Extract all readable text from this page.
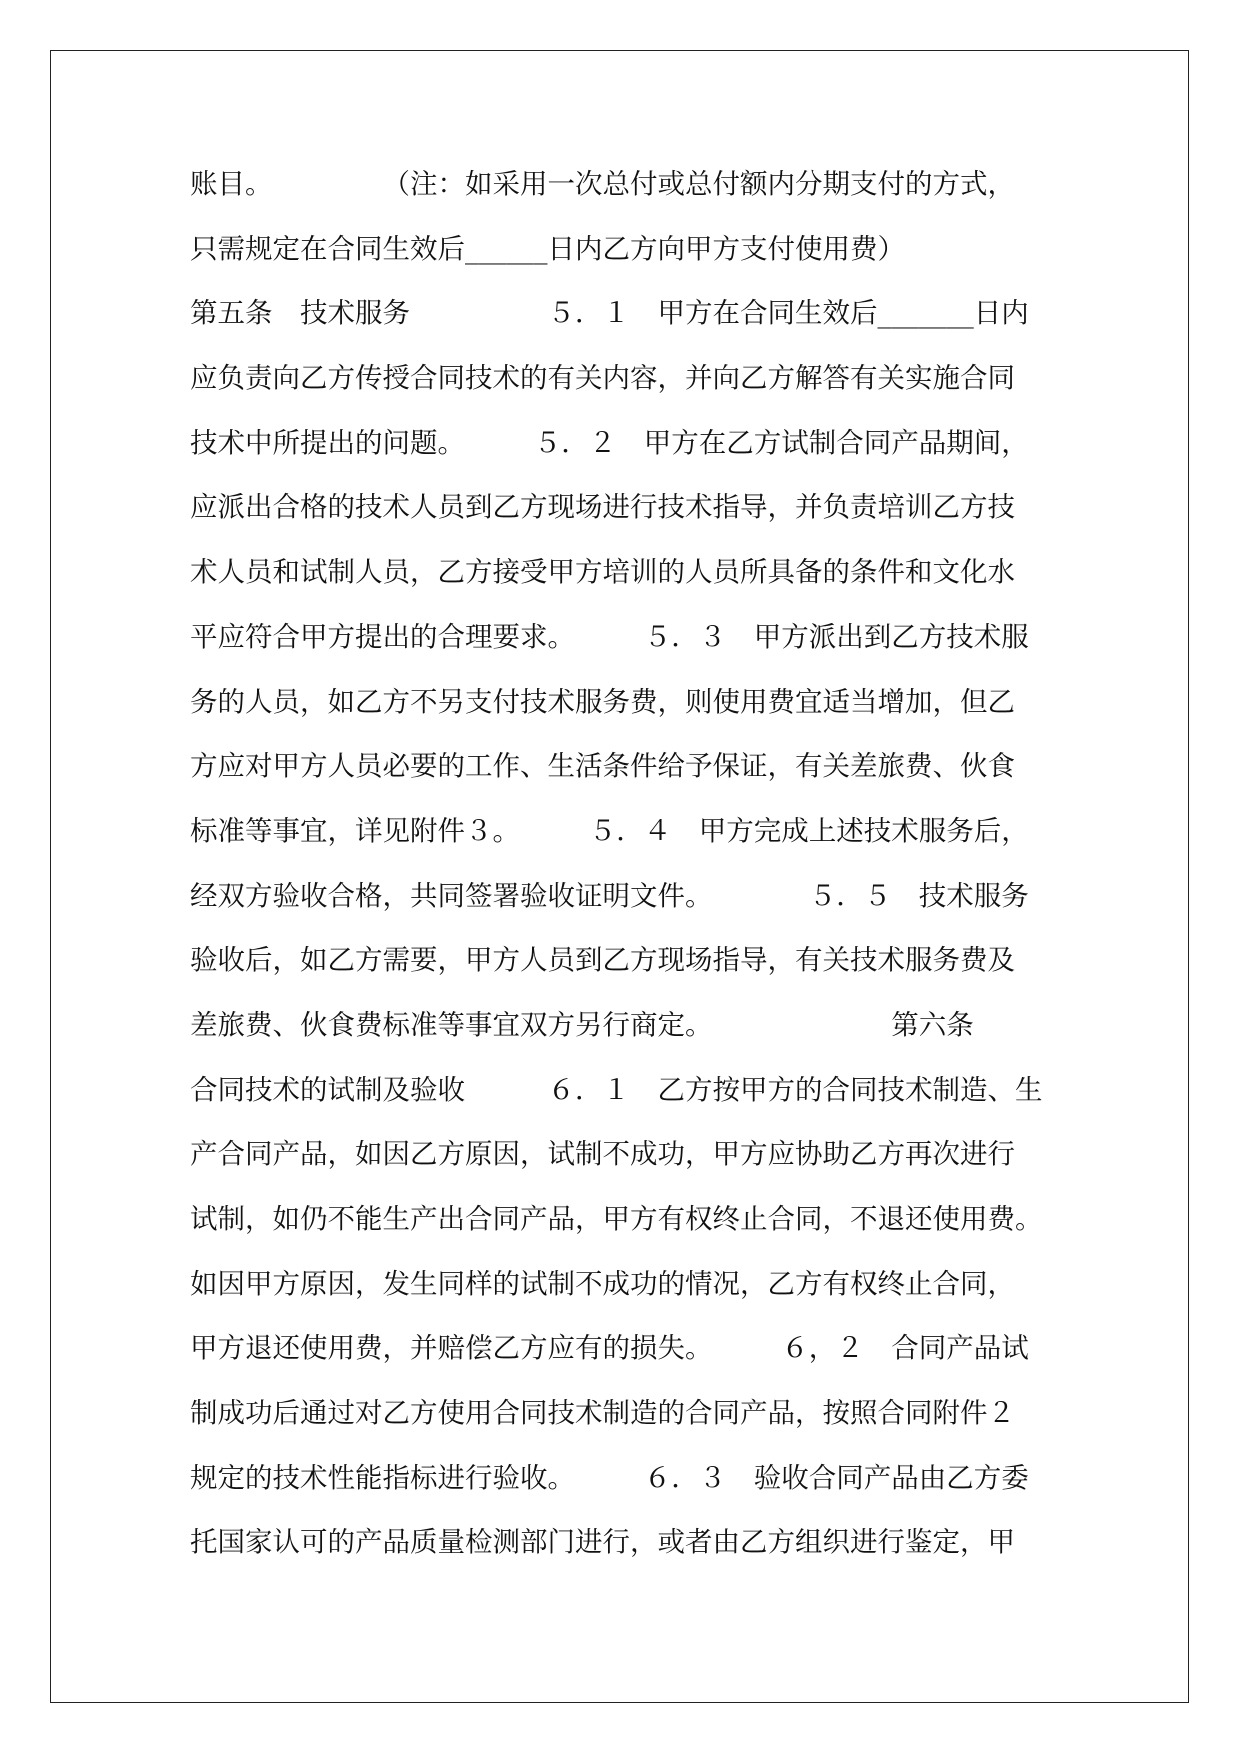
账目。　　　　　（注：如采用一次总付或总付额内分期支付的方式，
只需规定在合同生效后______日内乙方向甲方支付使用费）
第五条　技术服务　　　　　５．１　甲方在合同生效后_______日内
应负责向乙方传授合同技术的有关内容，并向乙方解答有关实施合同
技术中所提出的问题。　　　５．２　甲方在乙方试制合同产品期间，
应派出合格的技术人员到乙方现场进行技术指导，并负责培训乙方技
术人员和试制人员，乙方接受甲方培训的人员所具备的条件和文化水
平应符合甲方提出的合理要求。　　　５．３　甲方派出到乙方技术服
务的人员，如乙方不另支付技术服务费，则使用费宜适当增加，但乙
方应对甲方人员必要的工作、生活条件给予保证，有关差旅费、伙食
标准等事宜，详见附件３。　　　５．４　甲方完成上述技术服务后，
经双方验收合格，共同签署验收证明文件。　　　　５．５　技术服务
验收后，如乙方需要，甲方人员到乙方现场指导，有关技术服务费及
差旅费、伙食费标准等事宜双方另行商定。　　　　　　　第六条
合同技术的试制及验收　　　６．１　乙方按甲方的合同技术制造、生
产合同产品，如因乙方原因，试制不成功，甲方应协助乙方再次进行
试制，如仍不能生产出合同产品，甲方有权终止合同，不退还使用费。
如因甲方原因，发生同样的试制不成功的情况，乙方有权终止合同，
甲方退还使用费，并赔偿乙方应有的损失。　　　６，２　合同产品试
制成功后通过对乙方使用合同技术制造的合同产品，按照合同附件２
规定的技术性能指标进行验收。　　　６．３　验收合同产品由乙方委
托国家认可的产品质量检测部门进行，或者由乙方组织进行鉴定，甲
